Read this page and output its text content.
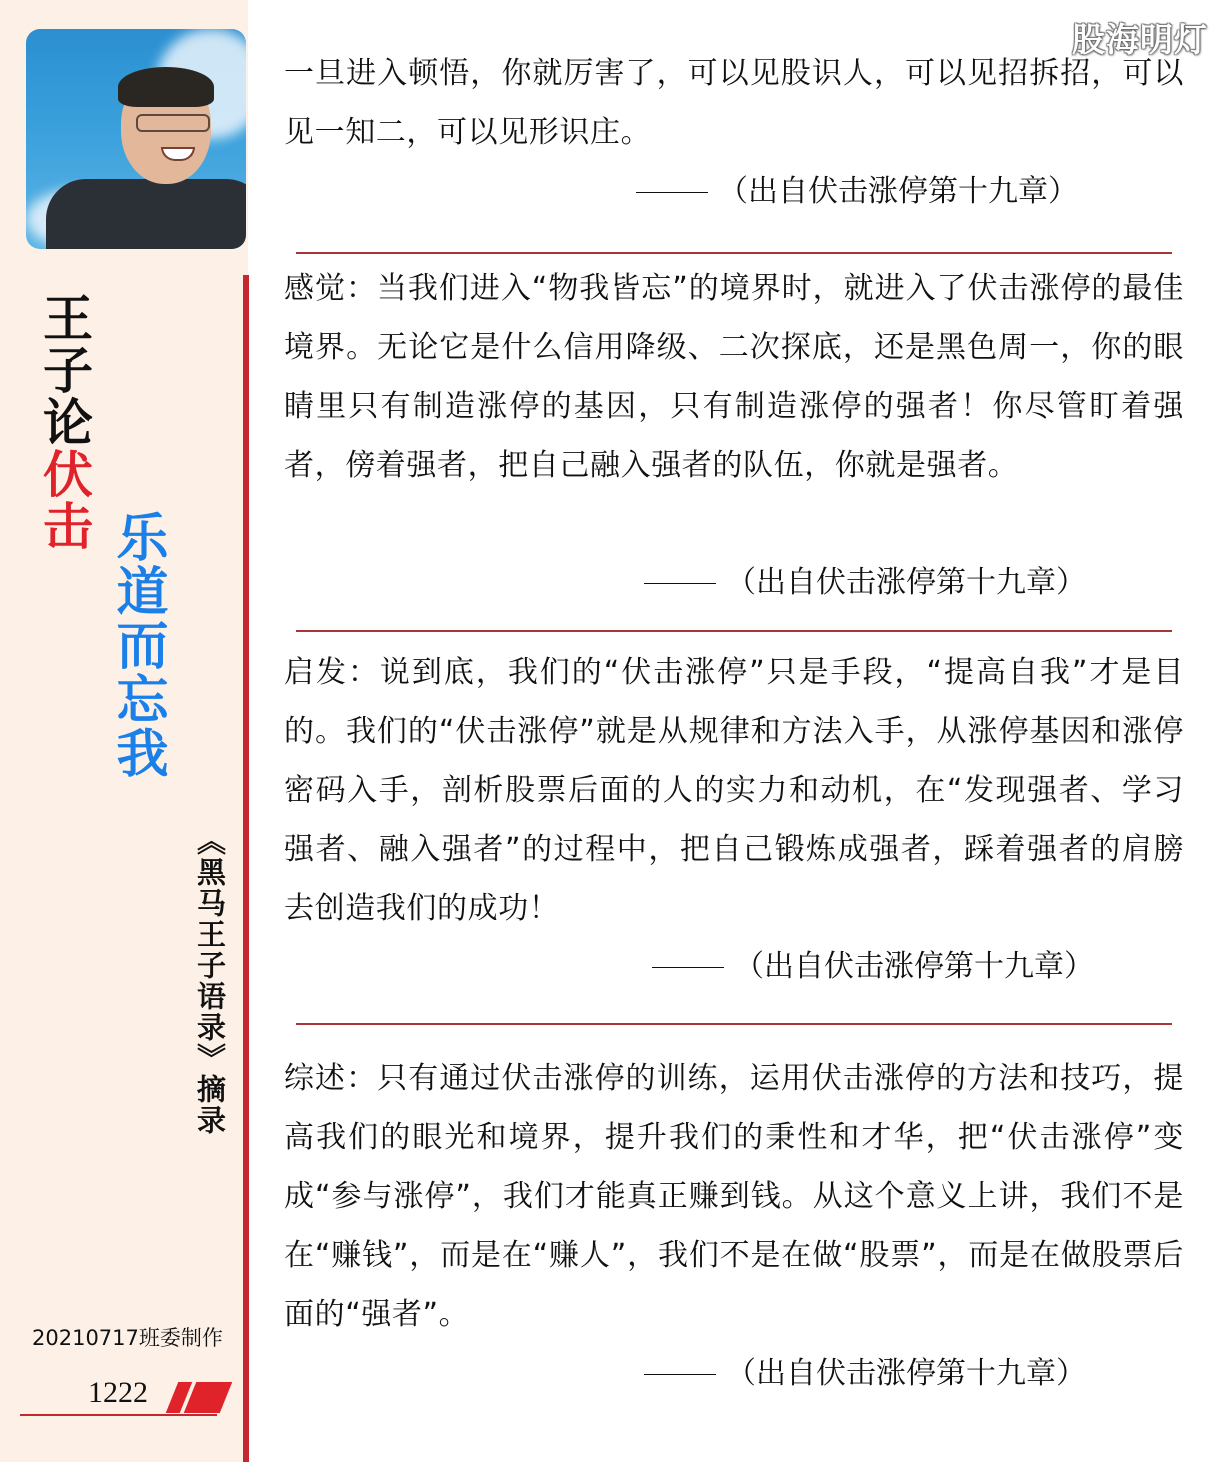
王子论伏击
乐道而忘我
《黑马王子语录》摘录
20210717班委制作
1222
股海明灯
一旦进入顿悟，你就厉害了，可以见股识人，可以见招拆招，可以见一知二，可以见形识庄。
（出自伏击涨停第十九章）
感觉：当我们进入“物我皆忘”的境界时，就进入了伏击涨停的最佳境界。无论它是什么信用降级、二次探底，还是黑色周一，你的眼睛里只有制造涨停的基因，只有制造涨停的强者！你尽管盯着强者，傍着强者，把自己融入强者的队伍，你就是强者。
（出自伏击涨停第十九章）
启发：说到底，我们的“伏击涨停”只是手段，“提高自我”才是目的。我们的“伏击涨停”就是从规律和方法入手，从涨停基因和涨停密码入手，剖析股票后面的人的实力和动机，在“发现强者、学习强者、融入强者”的过程中，把自己锻炼成强者，踩着强者的肩膀去创造我们的成功！
（出自伏击涨停第十九章）
综述：只有通过伏击涨停的训练，运用伏击涨停的方法和技巧，提高我们的眼光和境界，提升我们的秉性和才华，把“伏击涨停”变成“参与涨停”，我们才能真正赚到钱。从这个意义上讲，我们不是在“赚钱”，而是在“赚人”，我们不是在做“股票”，而是在做股票后面的“强者”。
（出自伏击涨停第十九章）
